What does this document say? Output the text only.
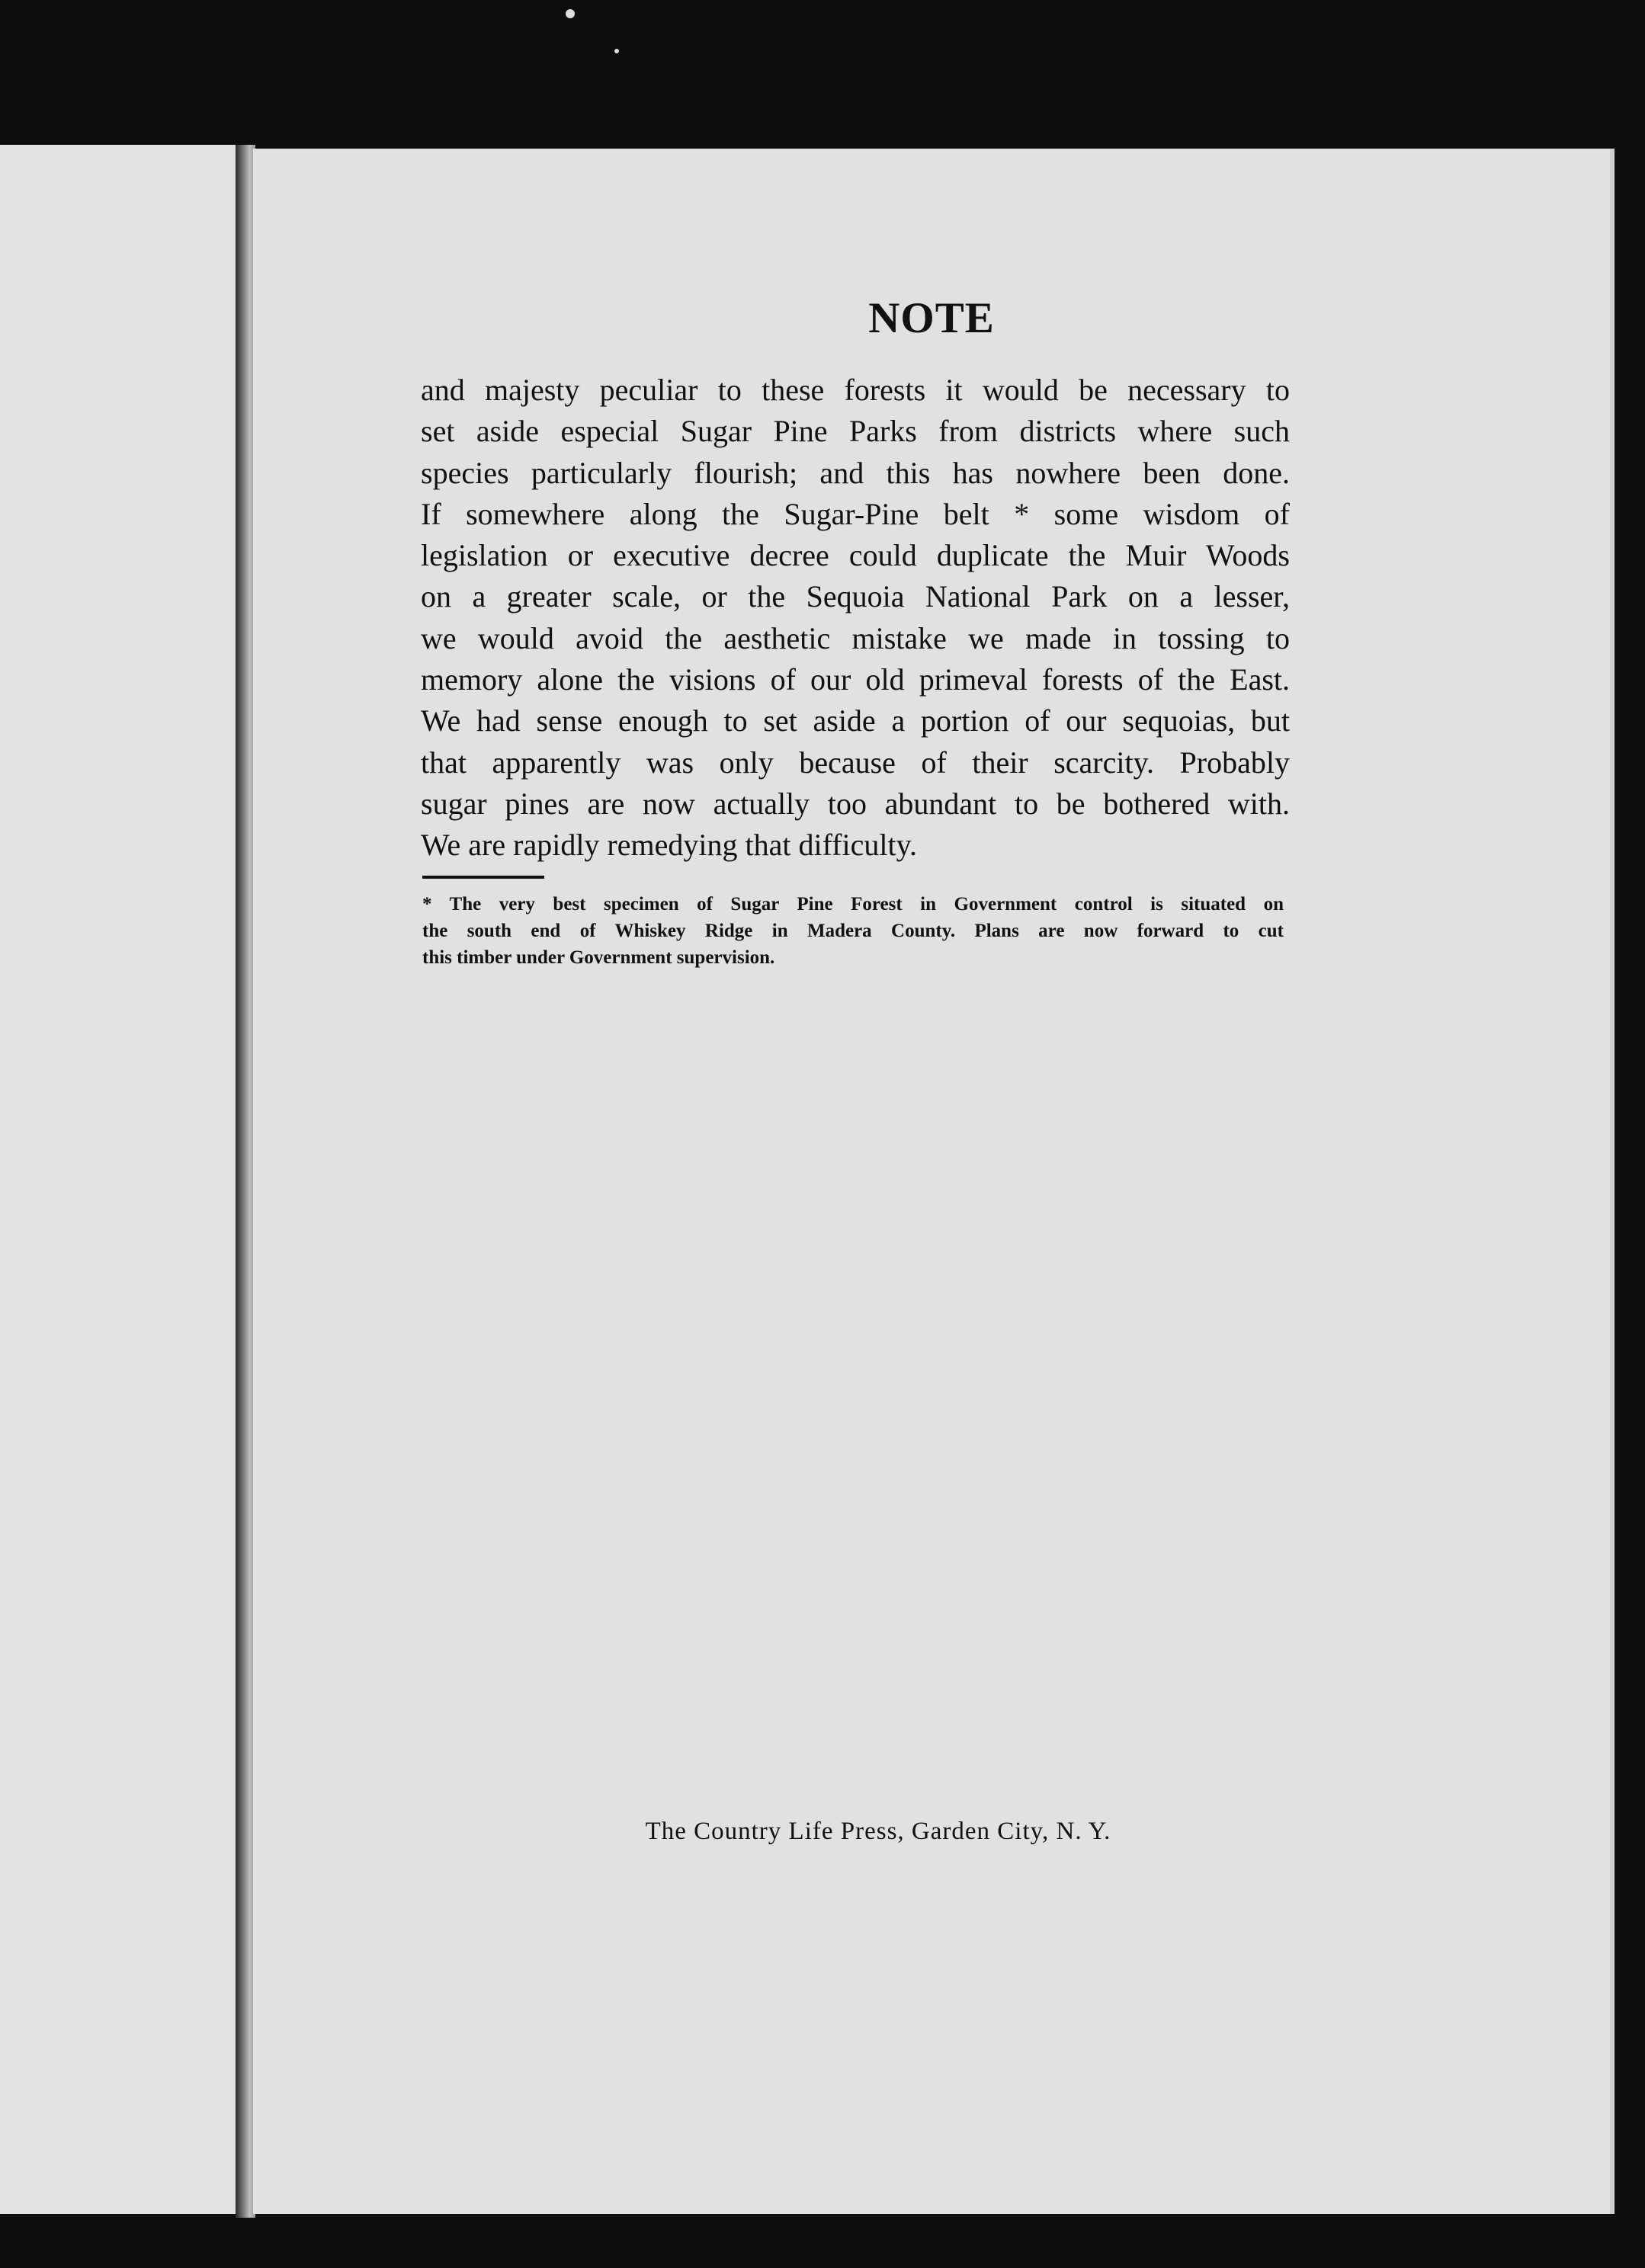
NOTE
and majesty peculiar to these forests it would be necessary to
set aside especial Sugar Pine Parks from districts where such
species particularly flourish; and this has nowhere been done.
If somewhere along the Sugar-Pine belt * some wisdom of
legislation or executive decree could duplicate the Muir Woods
on a greater scale, or the Sequoia National Park on a lesser,
we would avoid the aesthetic mistake we made in tossing to
memory alone the visions of our old primeval forests of the East.
We had sense enough to set aside a portion of our sequoias, but
that apparently was only because of their scarcity. Probably
sugar pines are now actually too abundant to be bothered with.
We are rapidly remedying that difficulty.
* The very best specimen of Sugar Pine Forest in Government control is situated on
the south end of Whiskey Ridge in Madera County. Plans are now forward to cut
this timber under Government supervision.
The Country Life Press, Garden City, N. Y.
